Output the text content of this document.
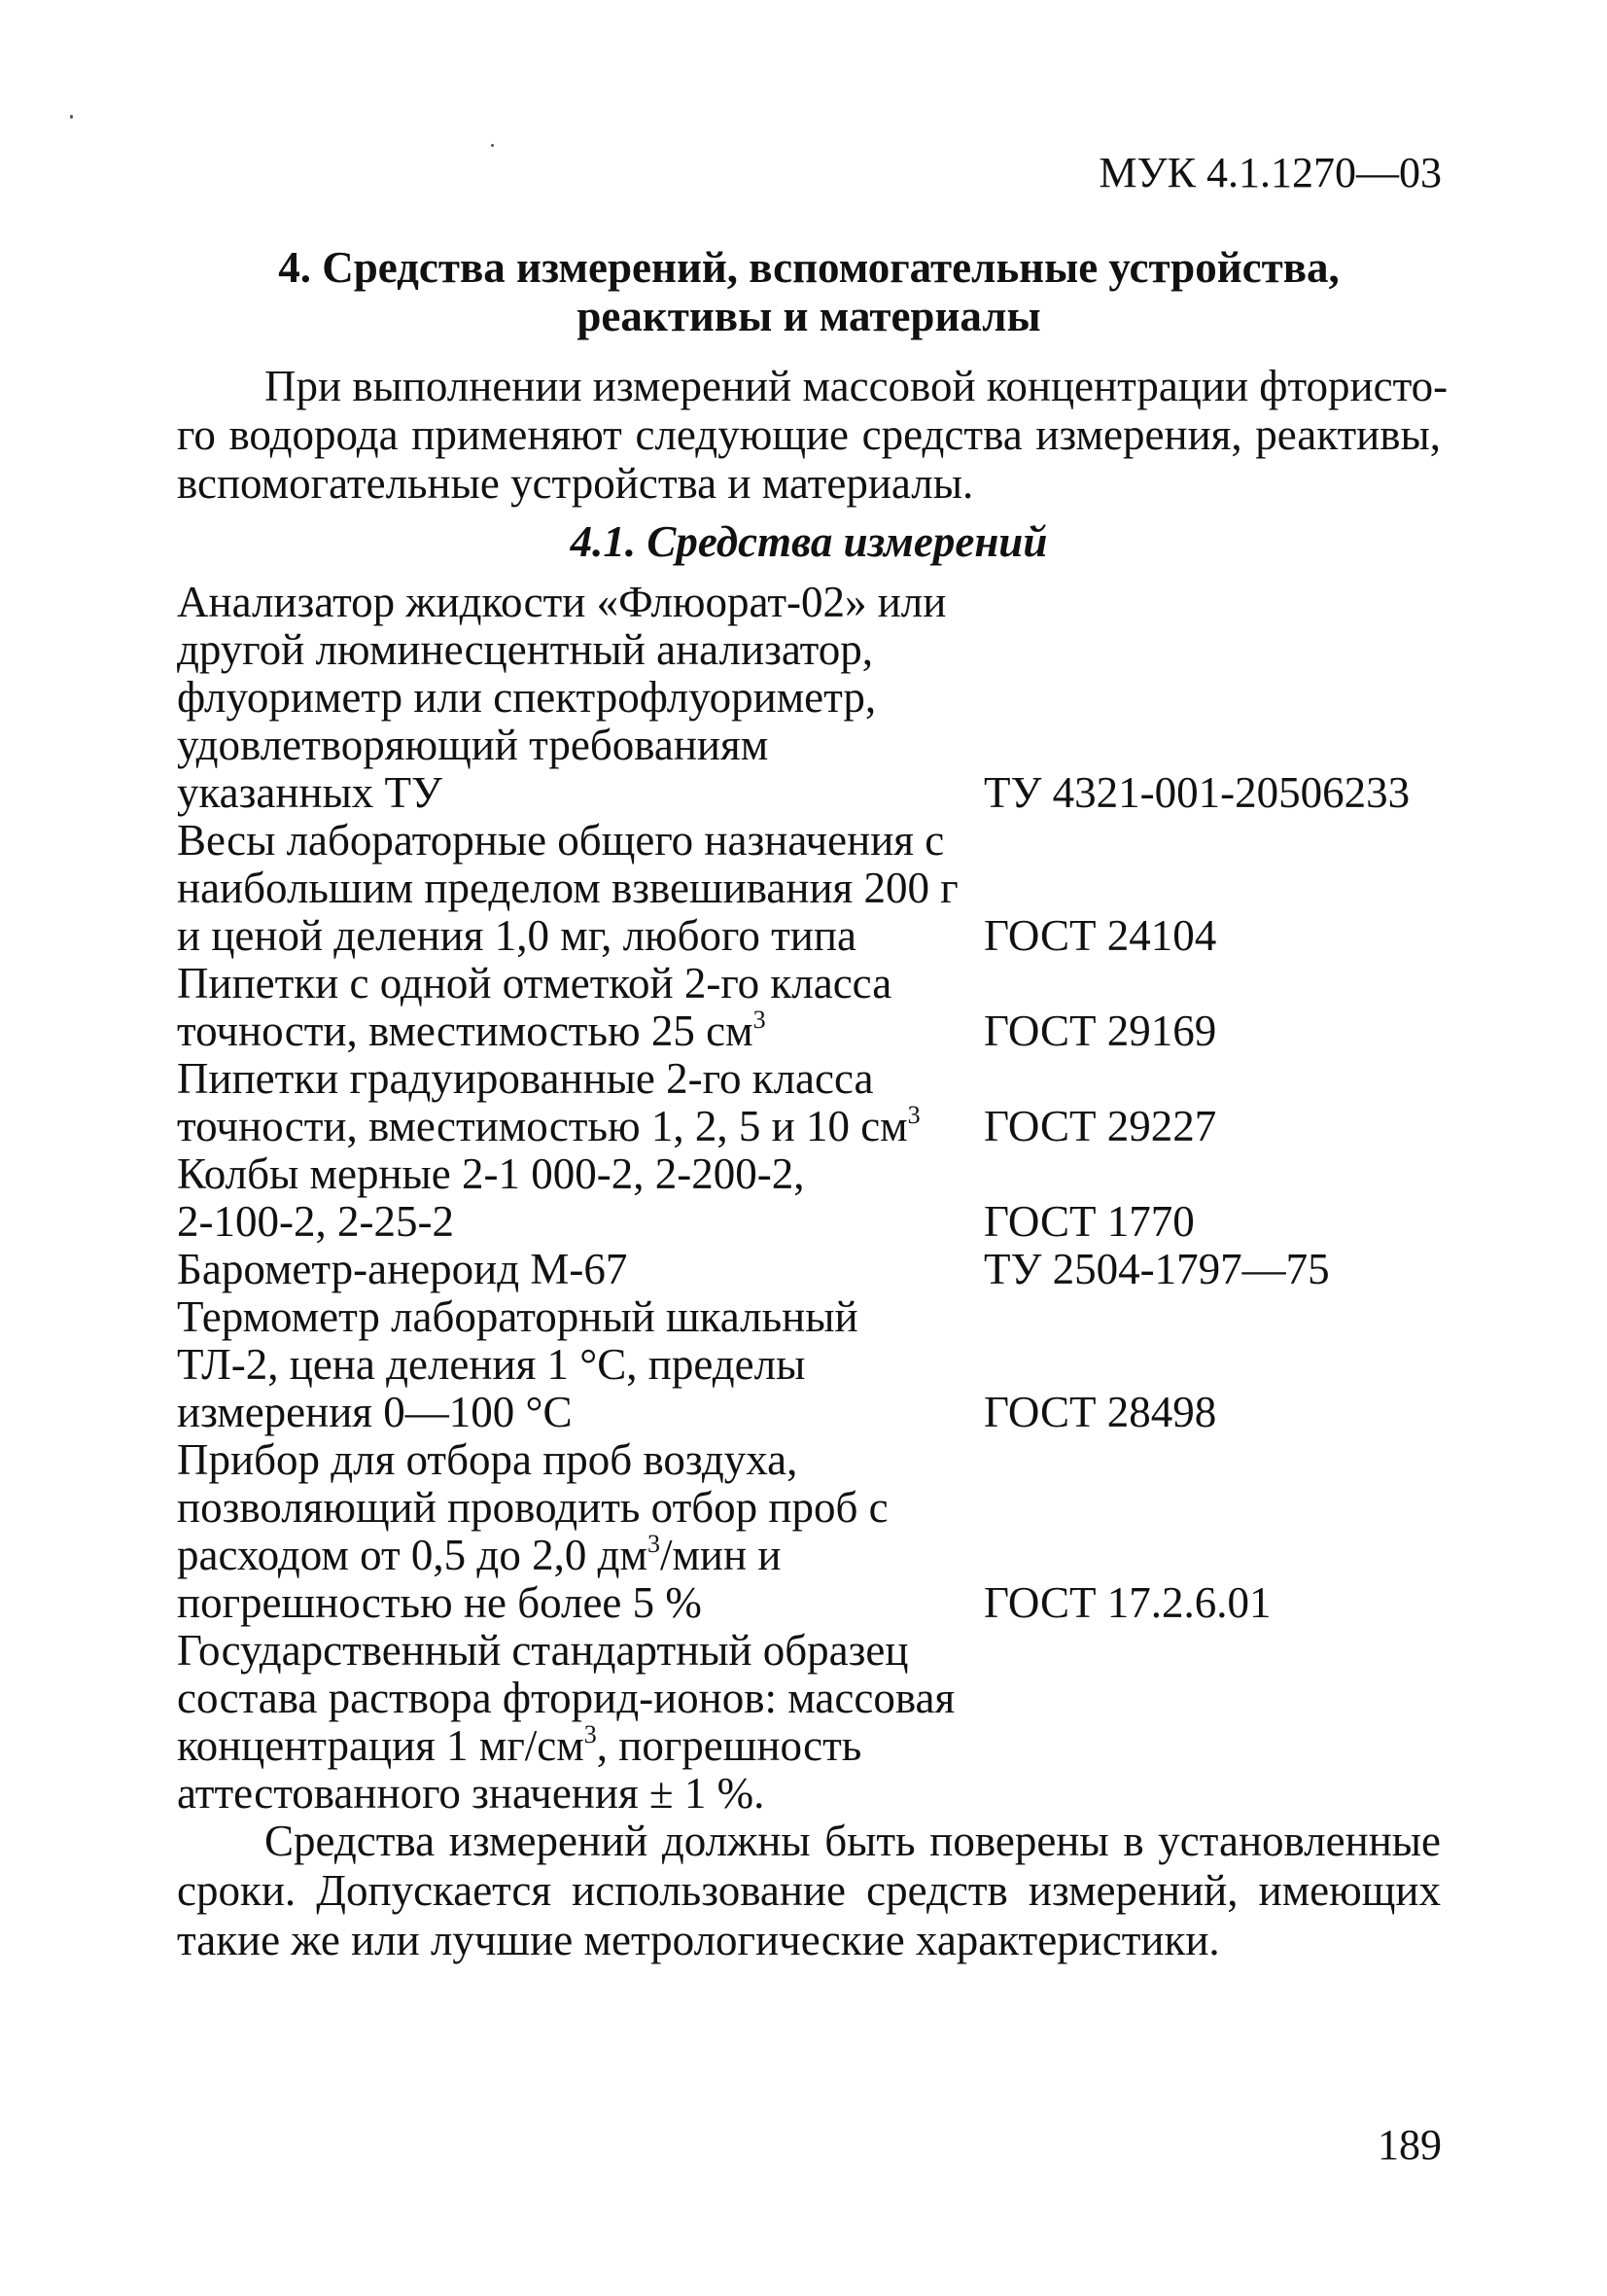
МУК 4.1.1270—03
4. Средства измерений, вспомогательные устройства,
реактивы и материалы
При выполнении измерений массовой концентрации фтористо-
го водорода применяют следующие средства измерения, реактивы,
вспомогательные устройства и материалы.
4.1. Средства измерений
Анализатор жидкости «Флюорат-02» или
другой люминесцентный анализатор,
флуориметр или спектрофлуориметр,
удовлетворяющий требованиям
указанных ТУ	ТУ 4321-001-20506233
Весы лабораторные общего назначения с
наибольшим пределом взвешивания 200 г
и ценой деления 1,0 мг, любого типа	ГОСТ 24104
Пипетки с одной отметкой 2-го класса
точности, вместимостью 25 $см^3$	ГОСТ 29169
Пипетки градуированные 2-го класса
точности, вместимостью 1, 2, 5 и 10 $см^3$	ГОСТ 29227
Колбы мерные 2-1 000-2, 2-200-2,
2-100-2, 2-25-2	ГОСТ 1770
Барометр-анероид М-67	ТУ 2504-1797—75
Термометр лабораторный шкальный
ТЛ-2, цена деления 1 °С, пределы
измерения 0—100 °С	ГОСТ 28498
Прибор для отбора проб воздуха,
позволяющий проводить отбор проб с
расходом от 0,5 до 2,0 $дм^3$/мин и
погрешностью не более 5 %	ГОСТ 17.2.6.01
Государственный стандартный образец
состава раствора фторид-ионов: массовая
концентрация 1 $мг/см^3$, погрешность
аттестованного значения ± 1 %.
Средства измерений должны быть поверены в установленные
сроки. Допускается использование средств измерений, имеющих
такие же или лучшие метрологические характеристики.
189
